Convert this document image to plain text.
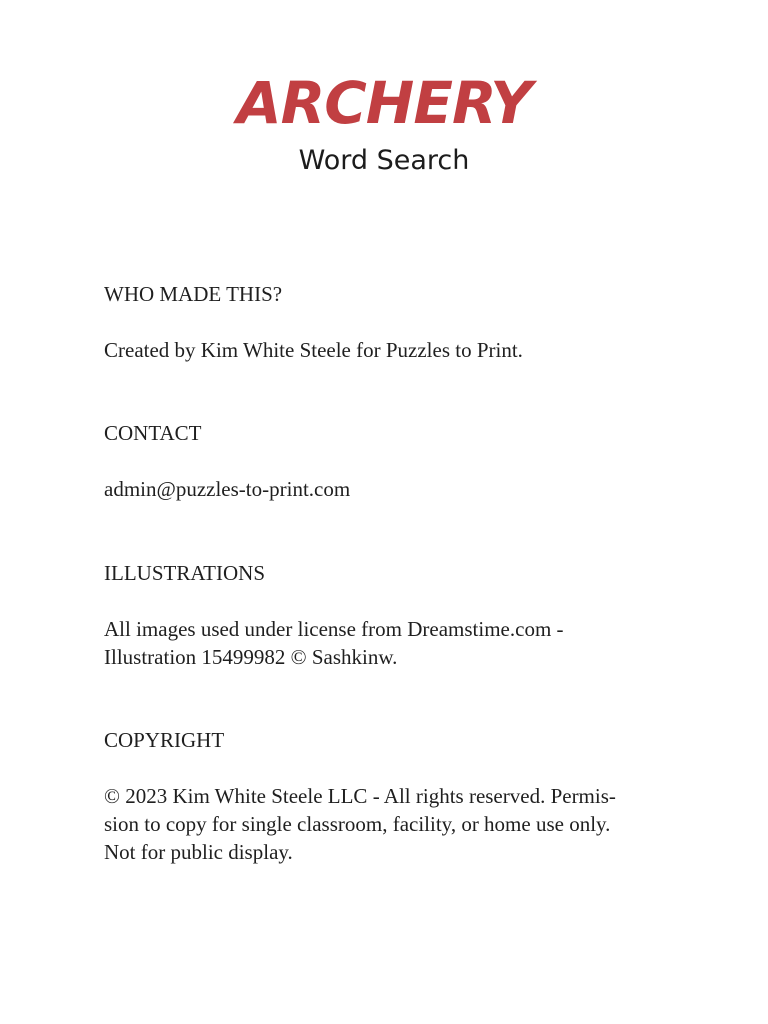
ARCHERY
Word Search

WHO MADE THIS?

Created by Kim White Steele for Puzzles to Print.

CONTACT

admin@puzzles-to-print.com

ILLUSTRATIONS

All images used under license from Dreamstime.com -
Illustration 15499982 © Sashkinw.

COPYRIGHT

© 2023 Kim White Steele LLC - All rights reserved. Permis-
sion to copy for single classroom, facility, or home use only.
Not for public display.
